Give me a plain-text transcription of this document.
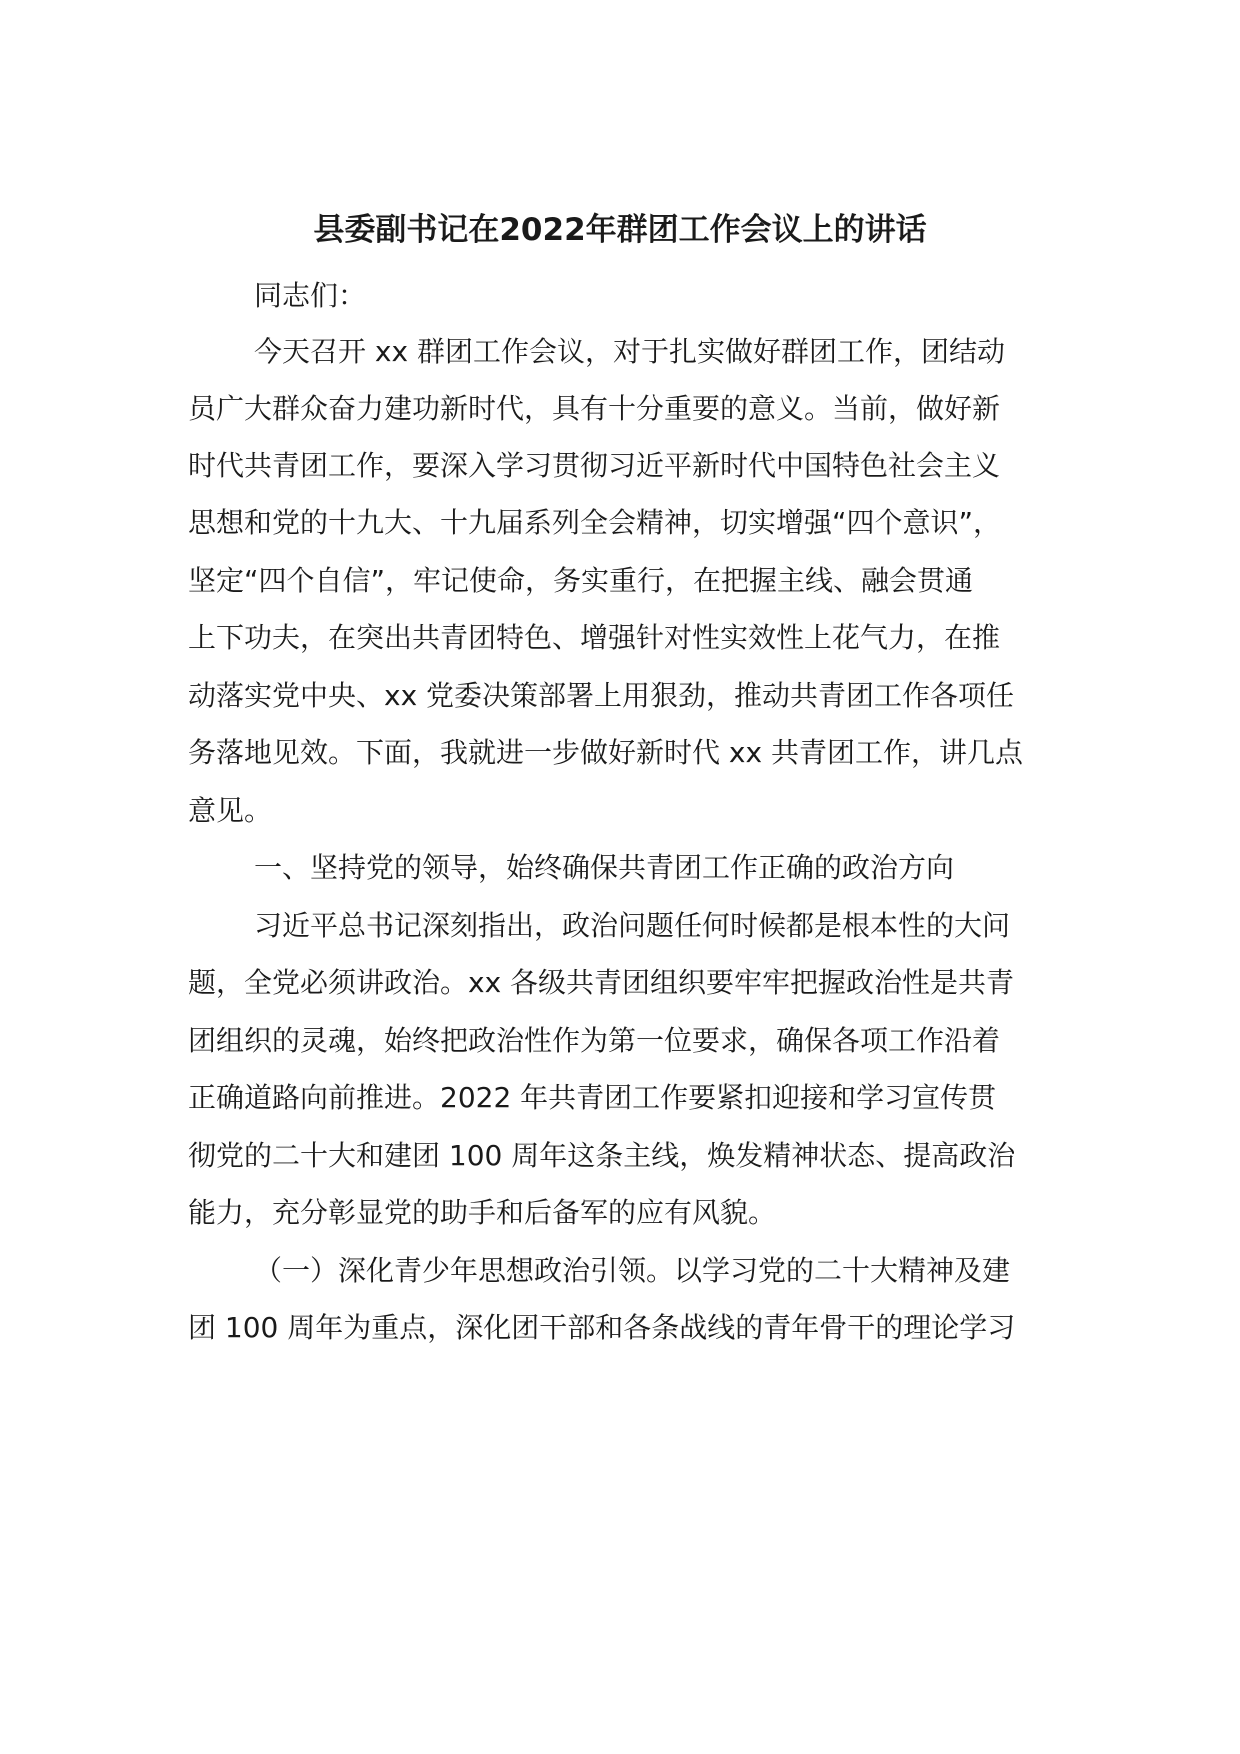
县委副书记在2022年群团工作会议上的讲话
同志们：
今天召开 xx 群团工作会议，对于扎实做好群团工作，团结动
员广大群众奋力建功新时代，具有十分重要的意义。当前，做好新
时代共青团工作，要深入学习贯彻习近平新时代中国特色社会主义
思想和党的十九大、十九届系列全会精神，切实增强“四个意识”，
坚定“四个自信”，牢记使命，务实重行，在把握主线、融会贯通
上下功夫，在突出共青团特色、增强针对性实效性上花气力，在推
动落实党中央、xx 党委决策部署上用狠劲，推动共青团工作各项任
务落地见效。下面，我就进一步做好新时代 xx 共青团工作，讲几点
意见。
一、坚持党的领导，始终确保共青团工作正确的政治方向
习近平总书记深刻指出，政治问题任何时候都是根本性的大问
题，全党必须讲政治。xx 各级共青团组织要牢牢把握政治性是共青
团组织的灵魂，始终把政治性作为第一位要求，确保各项工作沿着
正确道路向前推进。2022 年共青团工作要紧扣迎接和学习宣传贯
彻党的二十大和建团 100 周年这条主线，焕发精神状态、提高政治
能力，充分彰显党的助手和后备军的应有风貌。
（一）深化青少年思想政治引领。以学习党的二十大精神及建
团 100 周年为重点，深化团干部和各条战线的青年骨干的理论学习
